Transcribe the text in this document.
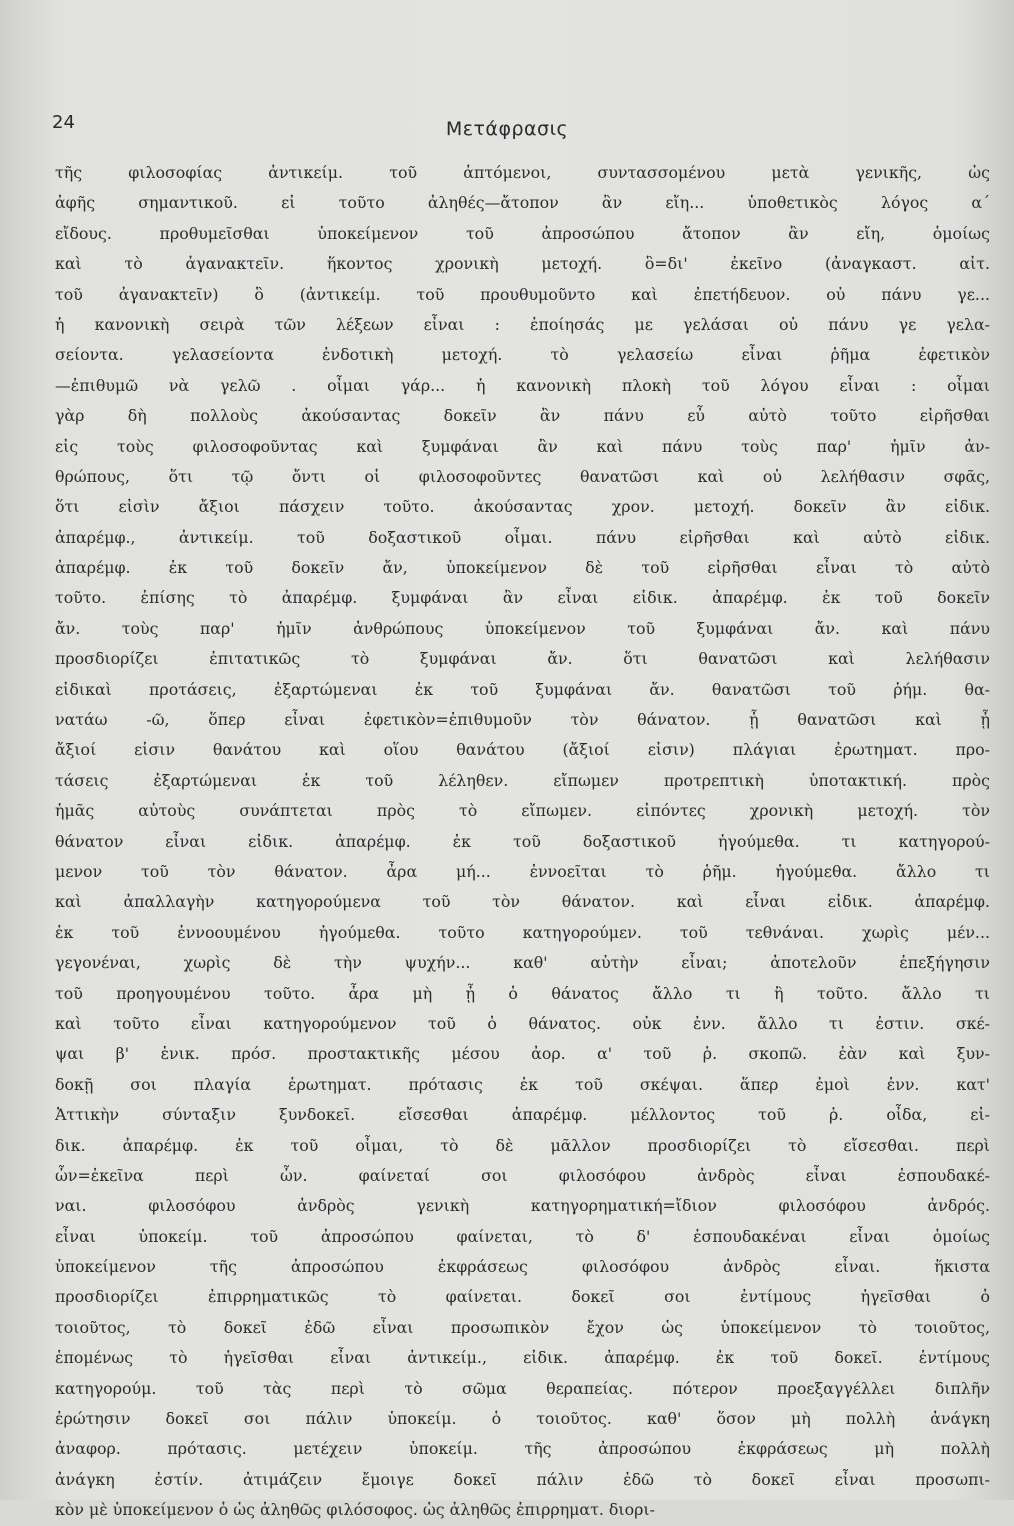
24	Μετάφρασις
τῆς φιλοσοφίας ἀντικείμ. τοῦ ἀπτόμενοι, συντασσομένου μετὰ γενικῆς, ὡς
ἀφῆς σημαντικοῦ. εἰ τοῦτο ἀληθές—ἄτοπον ἂν εἴη... ὑποθετικὸς λόγος α´
εἴδους. προθυμεῖσθαι ὑποκείμενον τοῦ ἀπροσώπου ἄτοπον ἂν εἴη, ὁμοίως
καὶ τὸ ἀγανακτεῖν. ἥκοντος χρονικὴ μετοχή. ὃ=δι' ἐκεῖνο (ἀναγκαστ. αἰτ.
τοῦ ἀγανακτεῖν) ὃ (ἀντικείμ. τοῦ προυθυμοῦντο καὶ ἐπετήδευον. οὐ πάνυ γε...
ἡ κανονικὴ σειρὰ τῶν λέξεων εἶναι : ἐποίησάς με γελάσαι οὐ πάνυ γε γελα-
σείοντα. γελασείοντα ἐνδοτικὴ μετοχή. τὸ γελασείω εἶναι ῥῆμα ἐφετικὸν
—ἐπιθυμῶ νὰ γελῶ . οἶμαι γάρ... ἡ κανονικὴ πλοκὴ τοῦ λόγου εἶναι : οἶμαι
γὰρ δὴ πολλοὺς ἀκούσαντας δοκεῖν ἂν πάνυ εὖ αὐτὸ τοῦτο εἰρῆσθαι
εἰς τοὺς φιλοσοφοῦντας καὶ ξυμφάναι ἂν καὶ πάνυ τοὺς παρ' ἡμῖν ἀν-
θρώπους, ὅτι τῷ ὄντι οἱ φιλοσοφοῦντες θανατῶσι καὶ οὐ λελήθασιν σφᾶς,
ὅτι εἰσὶν ἄξιοι πάσχειν τοῦτο. ἀκούσαντας χρον. μετοχή. δοκεῖν ἂν εἰδικ.
ἀπαρέμφ., ἀντικείμ. τοῦ δοξαστικοῦ οἶμαι. πάνυ εἰρῆσθαι καὶ αὐτὸ εἰδικ.
ἀπαρέμφ. ἐκ τοῦ δοκεῖν ἄν, ὑποκείμενον δὲ τοῦ εἰρῆσθαι εἶναι τὸ αὐτὸ
τοῦτο. ἐπίσης τὸ ἀπαρέμφ. ξυμφάναι ἂν εἶναι εἰδικ. ἀπαρέμφ. ἐκ τοῦ δοκεῖν
ἄν. τοὺς παρ' ἡμῖν ἀνθρώπους ὑποκείμενον τοῦ ξυμφάναι ἄν. καὶ πάνυ
προσδιορίζει ἐπιτατικῶς τὸ ξυμφάναι ἄν. ὅτι θανατῶσι καὶ λελήθασιν
εἰδικαὶ προτάσεις, ἐξαρτώμεναι ἐκ τοῦ ξυμφάναι ἄν. θανατῶσι τοῦ ῥήμ. θα-
νατάω -ῶ, ὅπερ εἶναι ἐφετικὸν=ἐπιθυμοῦν τὸν θάνατον. ᾗ θανατῶσι καὶ ᾗ
ἄξιοί εἰσιν θανάτου καὶ οἵου θανάτου (ἄξιοί εἰσιν) πλάγιαι ἐρωτηματ. προ-
τάσεις ἐξαρτώμεναι ἐκ τοῦ λέληθεν. εἴπωμεν προτρεπτικὴ ὑποτακτική. πρὸς
ἡμᾶς αὐτοὺς συνάπτεται πρὸς τὸ εἴπωμεν. εἰπόντες χρονικὴ μετοχή. τὸν
θάνατον εἶναι εἰδικ. ἀπαρέμφ. ἐκ τοῦ δοξαστικοῦ ἡγούμεθα. τι κατηγορού-
μενον τοῦ τὸν θάνατον. ἆρα μή... ἐννοεῖται τὸ ῥῆμ. ἡγούμεθα. ἄλλο τι
καὶ ἀπαλλαγὴν κατηγορούμενα τοῦ τὸν θάνατον. καὶ εἶναι εἰδικ. ἀπαρέμφ.
ἐκ τοῦ ἐννοουμένου ἡγούμεθα. τοῦτο κατηγορούμεν. τοῦ τεθνάναι. χωρὶς μέν...
γεγονέναι, χωρὶς δὲ τὴν ψυχήν... καθ' αὑτὴν εἶναι; ἀποτελοῦν ἐπεξήγησιν
τοῦ προηγουμένου τοῦτο. ἆρα μὴ ᾖ ὁ θάνατος ἄλλο τι ἢ τοῦτο. ἄλλο τι
καὶ τοῦτο εἶναι κατηγορούμενον τοῦ ὁ θάνατος. οὐκ ἐνν. ἄλλο τι ἐστιν. σκέ-
ψαι β' ἑνικ. πρόσ. προστακτικῆς μέσου ἀορ. α' τοῦ ῥ. σκοπῶ. ἐὰν καὶ ξυν-
δοκῇ σοι πλαγία ἐρωτηματ. πρότασις ἐκ τοῦ σκέψαι. ἅπερ ἐμοὶ ἐνν. κατ'
Ἀττικὴν σύνταξιν ξυνδοκεῖ. εἴσεσθαι ἀπαρέμφ. μέλλοντος τοῦ ῥ. οἶδα, εἰ-
δικ. ἀπαρέμφ. ἐκ τοῦ οἶμαι, τὸ δὲ μᾶλλον προσδιορίζει τὸ εἴσεσθαι. περὶ
ὧν=ἐκεῖνα περὶ ὧν. φαίνεταί σοι φιλοσόφου ἀνδρὸς εἶναι ἐσπουδακέ-
ναι. φιλοσόφου ἀνδρὸς γενικὴ κατηγορηματική=ἴδιον φιλοσόφου ἀνδρός.
εἶναι ὑποκείμ. τοῦ ἀπροσώπου φαίνεται, τὸ δ' ἐσπουδακέναι εἶναι ὁμοίως
ὑποκείμενον τῆς ἀπροσώπου ἐκφράσεως φιλοσόφου ἀνδρὸς εἶναι. ἥκιστα
προσδιορίζει ἐπιρρηματικῶς τὸ φαίνεται. δοκεῖ σοι ἐντίμους ἡγεῖσθαι ὁ
τοιοῦτος, τὸ δοκεῖ ἐδῶ εἶναι προσωπικὸν ἔχον ὡς ὑποκείμενον τὸ τοιοῦτος,
ἑπομένως τὸ ἡγεῖσθαι εἶναι ἀντικείμ., εἰδικ. ἀπαρέμφ. ἐκ τοῦ δοκεῖ. ἐντίμους
κατηγορούμ. τοῦ τὰς περὶ τὸ σῶμα θεραπείας. πότερον προεξαγγέλλει διπλῆν
ἐρώτησιν δοκεῖ σοι πάλιν ὑποκείμ. ὁ τοιοῦτος. καθ' ὅσον μὴ πολλὴ ἀνάγκη
ἀναφορ. πρότασις. μετέχειν ὑποκείμ. τῆς ἀπροσώπου ἐκφράσεως μὴ πολλὴ
ἀνάγκη ἐστίν. ἀτιμάζειν ἔμοιγε δοκεῖ πάλιν ἐδῶ τὸ δοκεῖ εἶναι προσωπι-
κὸν μὲ ὑποκείμενον ὁ ὡς ἀληθῶς φιλόσοφος. ὡς ἀληθῶς ἐπιρρηματ. διορι-
